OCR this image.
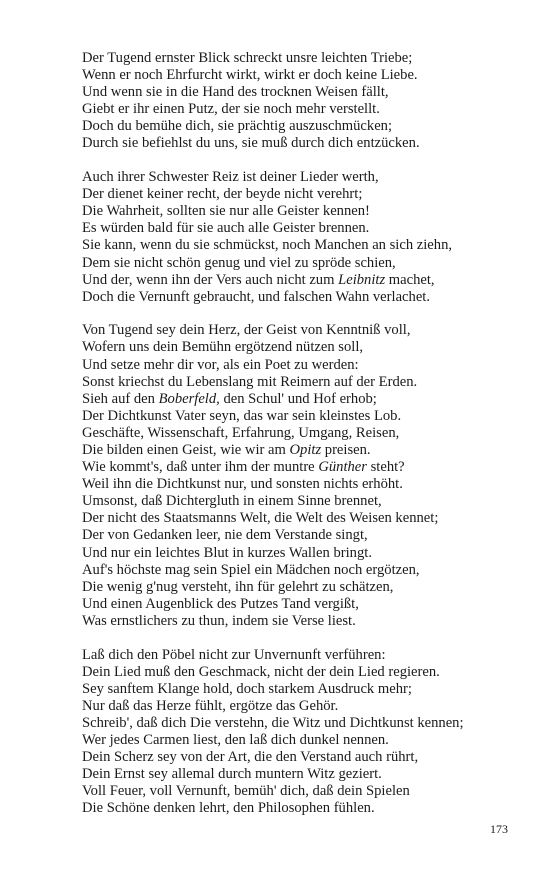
Der Tugend ernster Blick schreckt unsre leichten Triebe;
Wenn er noch Ehrfurcht wirkt, wirkt er doch keine Liebe.
Und wenn sie in die Hand des trocknen Weisen fällt,
Giebt er ihr einen Putz, der sie noch mehr verstellt.
Doch du bemühe dich, sie prächtig auszuschmücken;
Durch sie befiehlst du uns, sie muß durch dich entzücken.
Auch ihrer Schwester Reiz ist deiner Lieder werth,
Der dienet keiner recht, der beyde nicht verehrt;
Die Wahrheit, sollten sie nur alle Geister kennen!
Es würden bald für sie auch alle Geister brennen.
Sie kann, wenn du sie schmückst, noch Manchen an sich ziehn,
Dem sie nicht schön genug und viel zu spröde schien,
Und der, wenn ihn der Vers auch nicht zum Leibnitz machet,
Doch die Vernunft gebraucht, und falschen Wahn verlachet.
Von Tugend sey dein Herz, der Geist von Kenntniß voll,
Wofern uns dein Bemühn ergötzend nützen soll,
Und setze mehr dir vor, als ein Poet zu werden:
Sonst kriechst du Lebenslang mit Reimern auf der Erden.
Sieh auf den Boberfeld, den Schul' und Hof erhob;
Der Dichtkunst Vater seyn, das war sein kleinstes Lob.
Geschäfte, Wissenschaft, Erfahrung, Umgang, Reisen,
Die bilden einen Geist, wie wir am Opitz preisen.
Wie kommt's, daß unter ihm der muntre Günther steht?
Weil ihn die Dichtkunst nur, und sonsten nichts erhöht.
Umsonst, daß Dichtergluth in einem Sinne brennet,
Der nicht des Staatsmanns Welt, die Welt des Weisen kennet;
Der von Gedanken leer, nie dem Verstande singt,
Und nur ein leichtes Blut in kurzes Wallen bringt.
Auf's höchste mag sein Spiel ein Mädchen noch ergötzen,
Die wenig g'nug versteht, ihn für gelehrt zu schätzen,
Und einen Augenblick des Putzes Tand vergißt,
Was ernstlichers zu thun, indem sie Verse liest.
Laß dich den Pöbel nicht zur Unvernunft verführen:
Dein Lied muß den Geschmack, nicht der dein Lied regieren.
Sey sanftem Klange hold, doch starkem Ausdruck mehr;
Nur daß das Herze fühlt, ergötze das Gehör.
Schreib', daß dich Die verstehn, die Witz und Dichtkunst kennen;
Wer jedes Carmen liest, den laß dich dunkel nennen.
Dein Scherz sey von der Art, die den Verstand auch rührt,
Dein Ernst sey allemal durch muntern Witz geziert.
Voll Feuer, voll Vernunft, bemüh' dich, daß dein Spielen
Die Schöne denken lehrt, den Philosophen fühlen.
173
